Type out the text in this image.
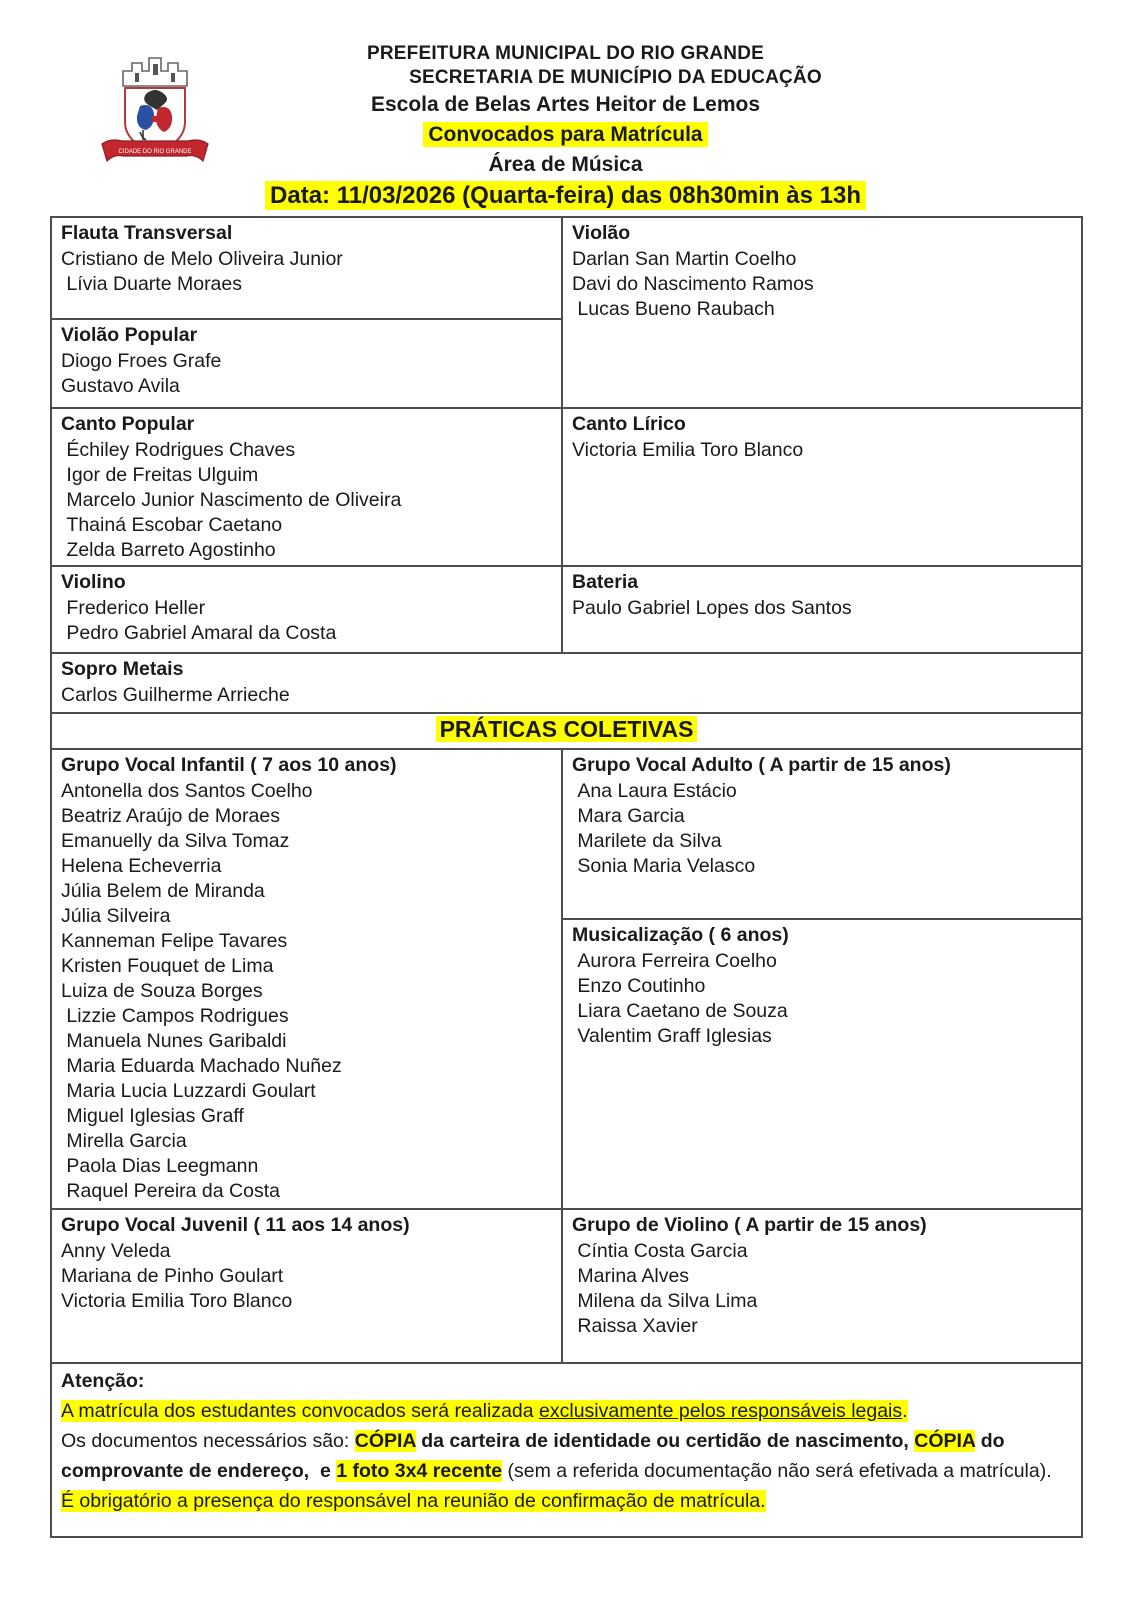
CIDADE DO RIO GRANDE
PREFEITURA MUNICIPAL DO RIO GRANDE
SECRETARIA DE MUNICÍPIO DA EDUCAÇÃO
Escola de Belas Artes Heitor de Lemos
Convocados para Matrícula
Área de Música
Data: 11/03/2026 (Quarta-feira) das 08h30min às 13h
Flauta Transversal
Cristiano de Melo Oliveira Junior
Lívia Duarte Moraes

Violão
Darlan San Martin Coelho
Davi do Nascimento Ramos
Lucas Bueno Raubach

Violão Popular
Diogo Froes Grafe
Gustavo Avila	

Canto Popular
Échiley Rodrigues Chaves
Igor de Freitas Ulguim
Marcelo Junior Nascimento de Oliveira
Thainá Escobar Caetano
Zelda Barreto Agostinho

Canto Lírico
Victoria Emilia Toro Blanco

Violino
Frederico Heller
Pedro Gabriel Amaral da Costa

Bateria
Paulo Gabriel Lopes dos Santos

Sopro Metais
Carlos Guilherme Arrieche	

PRÁTICAS COLETIVAS	

Grupo Vocal Infantil ( 7 aos 10 anos)
Antonella dos Santos Coelho
Beatriz Araújo de Moraes
Emanuelly da Silva Tomaz
Helena Echeverria
Júlia Belem de Miranda
Júlia Silveira
Kanneman Felipe Tavares
Kristen Fouquet de Lima
Luiza de Souza Borges
Lizzie Campos Rodrigues
Manuela Nunes Garibaldi
Maria Eduarda Machado Nuñez
Maria Lucia Luzzardi Goulart
Miguel Iglesias Graff
Mirella Garcia
Paola Dias Leegmann
Raquel Pereira da Costa

Grupo Vocal Adulto ( A partir de 15 anos)
Ana Laura Estácio
Mara Garcia
Marilete da Silva
Sonia Maria Velasco

	Musicalização ( 6 anos)
Aurora Ferreira Coelho
Enzo Coutinho
Liara Caetano de Souza
Valentim Graff Iglesias

Grupo Vocal Juvenil ( 11 aos 14 anos)
Anny Veleda
Mariana de Pinho Goulart
Victoria Emilia Toro Blanco

Grupo de Violino ( A partir de 15 anos)
Cíntia Costa Garcia
Marina Alves
Milena da Silva Lima
Raissa Xavier

Atenção:
A matrícula dos estudantes convocados será realizada exclusivamente pelos responsáveis legais.
Os documentos necessários são: CÓPIA da carteira de identidade ou certidão de nascimento, CÓPIA do comprovante de endereço,  e 1 foto 3x4 recente (sem a referida documentação não será efetivada a matrícula).
É obrigatório a presença do responsável na reunião de confirmação de matrícula.	
